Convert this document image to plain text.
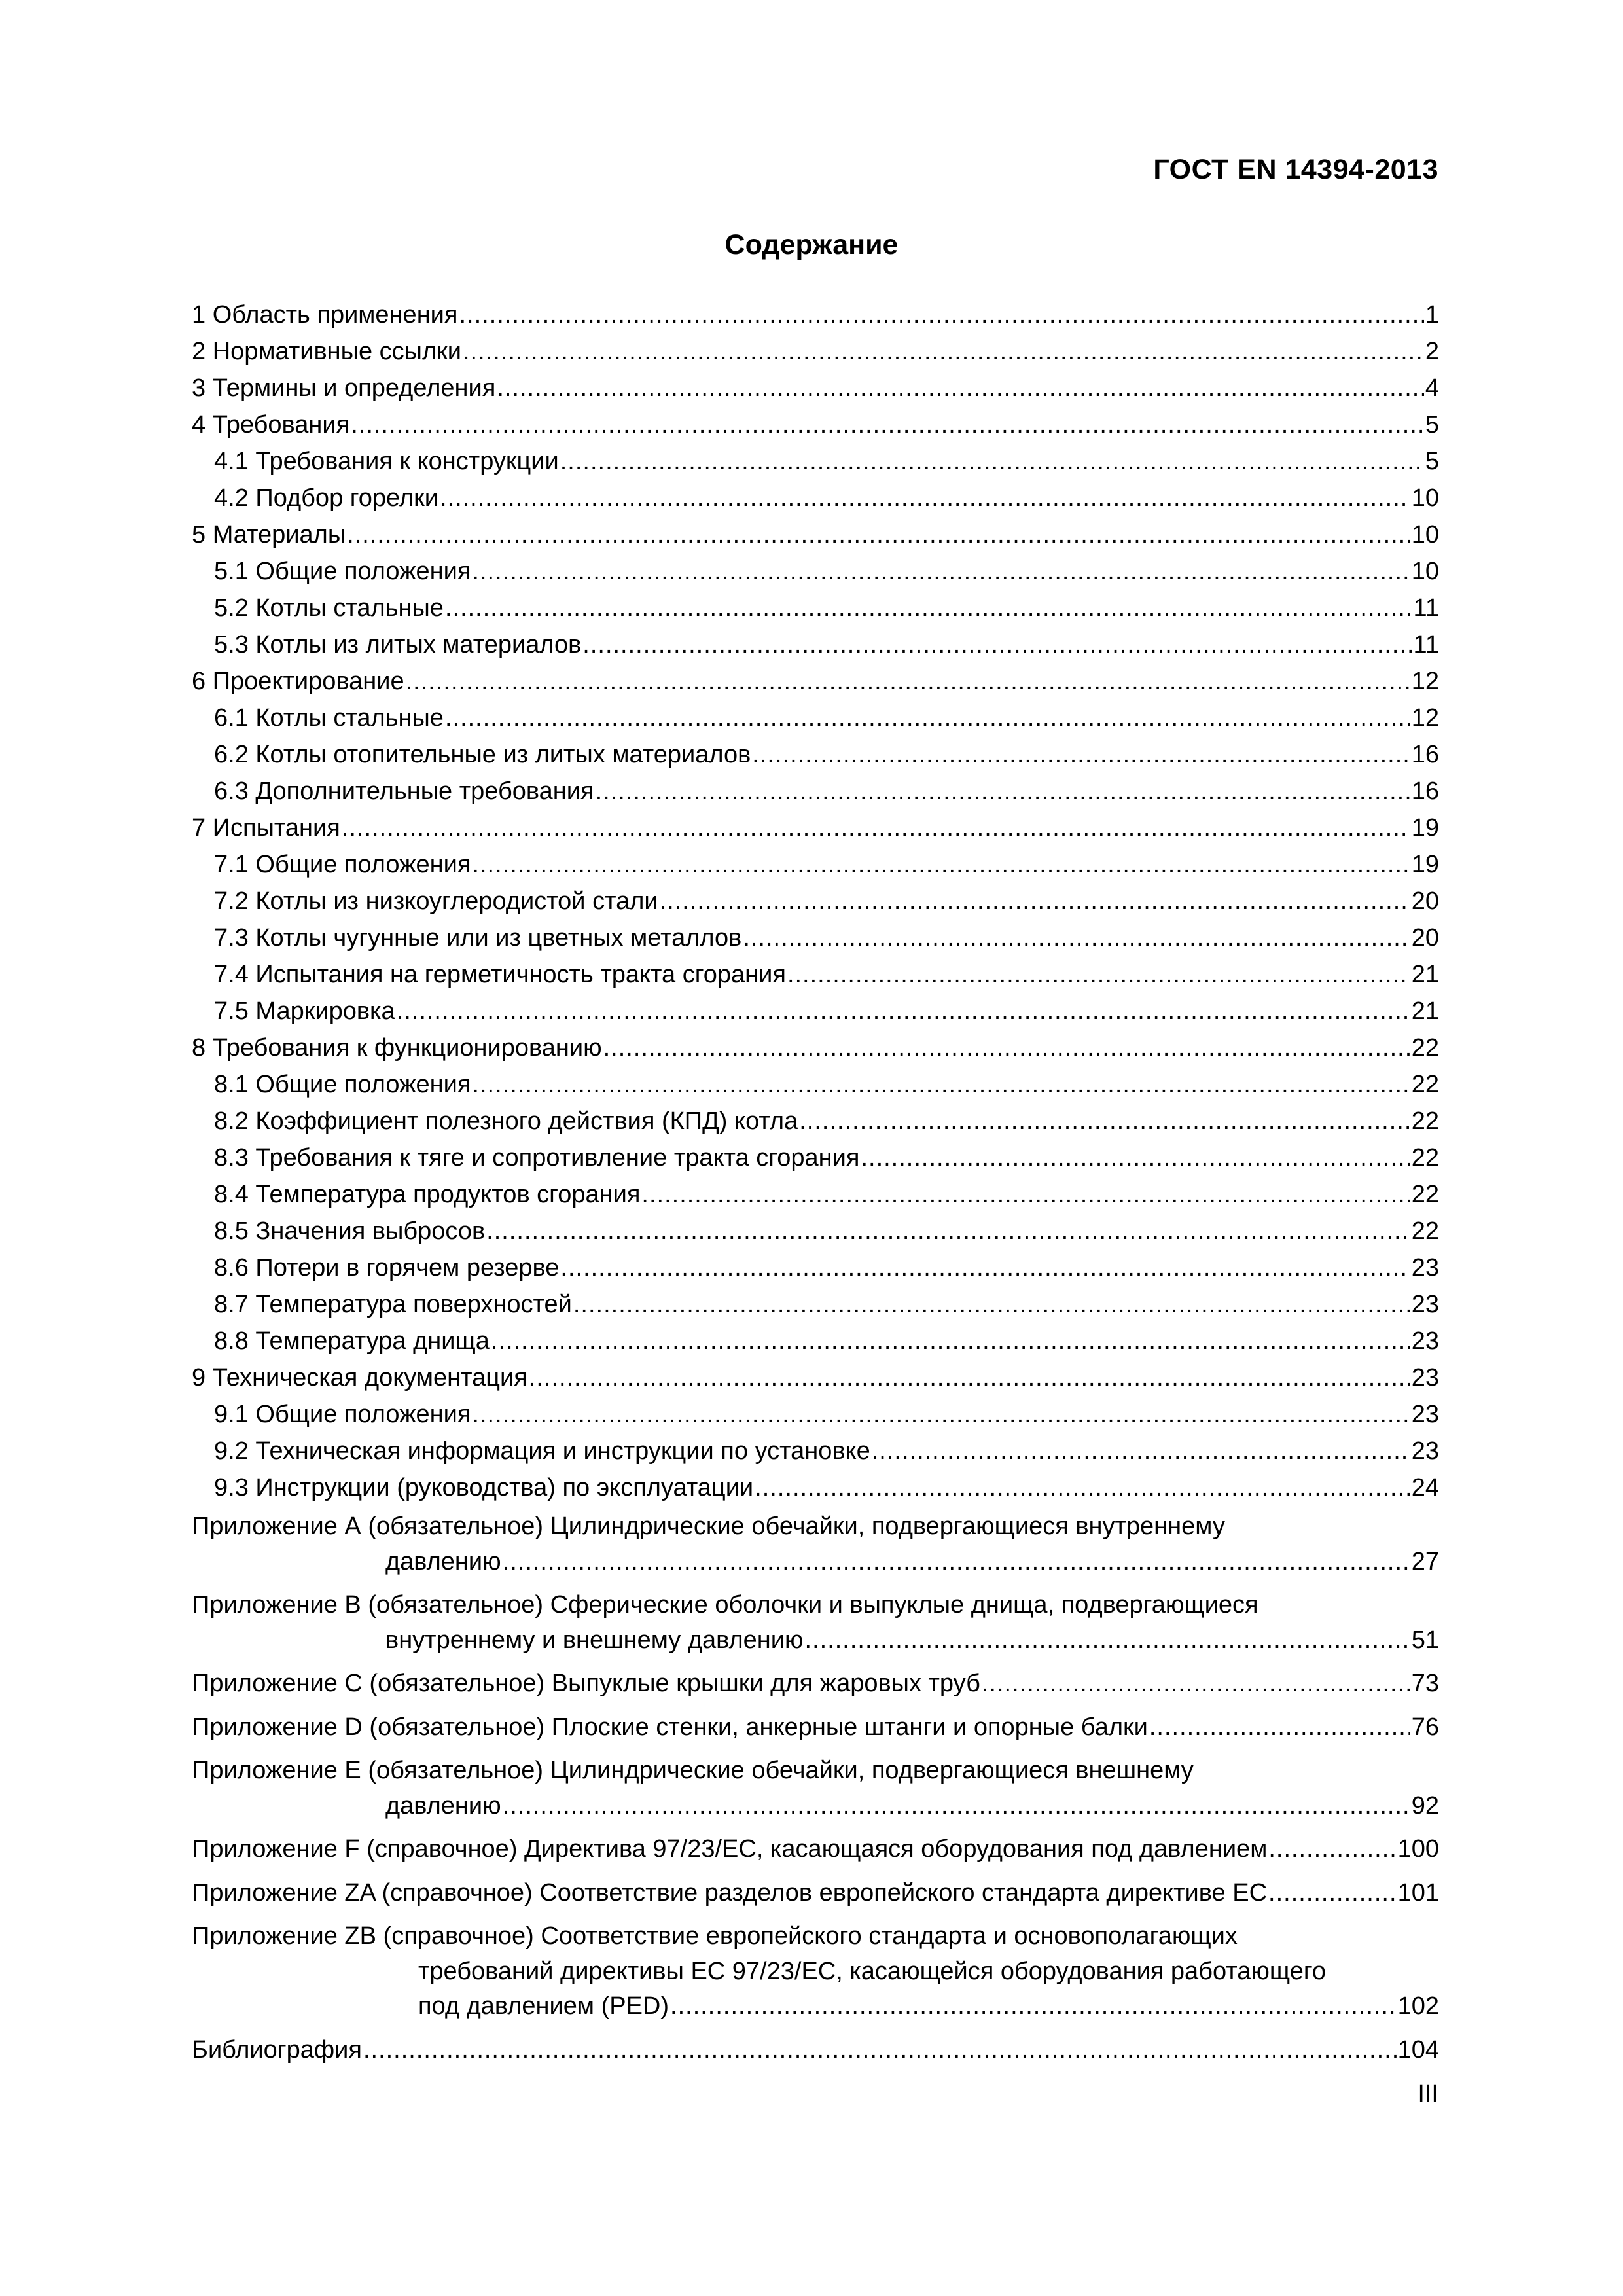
ГОСТ EN 14394-2013
Содержание
1 Область применения .....	1
2 Нормативные ссылки .....	2
3 Термины и определения .....	4
4 Требования .....	5
4.1 Требования к конструкции .....	5
4.2 Подбор горелки .....	10
5 Материалы .....	10
5.1 Общие положения .....	10
5.2 Котлы стальные .....	11
5.3 Котлы из литых материалов .....	11
6 Проектирование .....	12
6.1 Котлы стальные .....	12
6.2 Котлы отопительные из литых материалов .....	16
6.3 Дополнительные требования .....	16
7 Испытания .....	19
7.1 Общие положения .....	19
7.2 Котлы из низкоуглеродистой стали .....	20
7.3 Котлы чугунные или из цветных металлов .....	20
7.4 Испытания на герметичность тракта сгорания .....	21
7.5 Маркировка .....	21
8 Требования к функционированию .....	22
8.1 Общие положения .....	22
8.2 Коэффициент полезного действия (КПД) котла .....	22
8.3 Требования к тяге и сопротивление тракта сгорания .....	22
8.4 Температура продуктов сгорания .....	22
8.5 Значения выбросов .....	22
8.6 Потери в горячем резерве .....	23
8.7 Температура поверхностей .....	23
8.8 Температура днища .....	23
9 Техническая документация .....	23
9.1 Общие положения .....	23
9.2 Техническая информация и инструкции по установке .....	23
9.3 Инструкции (руководства) по эксплуатации .....	24
Приложение А (обязательное) Цилиндрические обечайки, подвергающиеся внутреннему
давлению .....	27
Приложение В (обязательное) Сферические оболочки и выпуклые днища, подвергающиеся
внутреннему и внешнему давлению .....	51
Приложение С (обязательное) Выпуклые крышки для жаровых труб .....	73
Приложение D (обязательное) Плоские стенки, анкерные штанги и опорные балки .....	76
Приложение Е (обязательное) Цилиндрические обечайки, подвергающиеся внешнему
давлению .....	92
Приложение F (справочное) Директива 97/23/ЕС, касающаяся оборудования под давлением .....	100
Приложение ZA (справочное) Соответствие разделов европейского стандарта директиве ЕС .....	101
Приложение ZB (справочное) Соответствие европейского стандарта и основополагающих
требований директивы ЕС 97/23/ЕС, касающейся оборудования работающего
под давлением (PED) .....	102
Библиография .....	104
III
